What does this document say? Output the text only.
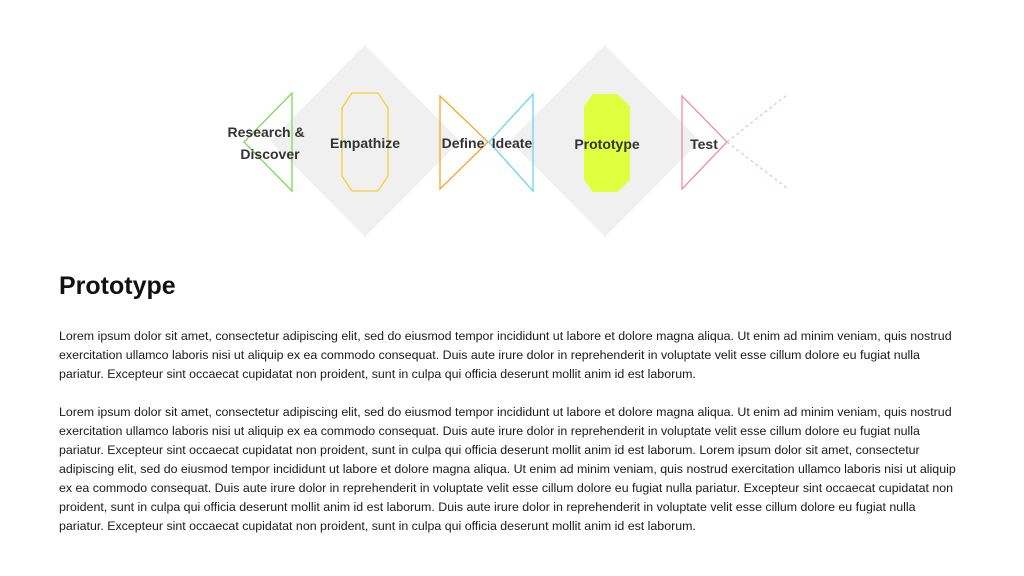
Research & Discover
Empathize	Define Ideate	Prototype	Test
Prototype

Lorem ipsum dolor sit amet, consectetur adipiscing elit, sed do eiusmod tempor incididunt ut labore et dolore magna aliqua. Ut enim ad minim veniam, quis nostrud exercitation ullamco laboris nisi ut aliquip ex ea commodo consequat. Duis aute irure dolor in reprehenderit in voluptate velit esse cillum dolore eu fugiat nulla pariatur. Excepteur sint occaecat cupidatat non proident, sunt in culpa qui officia deserunt mollit anim id est laborum.

Lorem ipsum dolor sit amet, consectetur adipiscing elit, sed do eiusmod tempor incididunt ut labore et dolore magna aliqua. Ut enim ad minim veniam, quis nostrud exercitation ullamco laboris nisi ut aliquip ex ea commodo consequat. Duis aute irure dolor in reprehenderit in voluptate velit esse cillum dolore eu fugiat nulla pariatur. Excepteur sint occaecat cupidatat non proident, sunt in culpa qui officia deserunt mollit anim id est laborum. Lorem ipsum dolor sit amet, consectetur adipiscing elit, sed do eiusmod tempor incididunt ut labore et dolore magna aliqua. Ut enim ad minim veniam, quis nostrud exercitation ullamco laboris nisi ut aliquip ex ea commodo consequat. Duis aute irure dolor in reprehenderit in voluptate velit esse cillum dolore eu fugiat nulla pariatur. Excepteur sint occaecat cupidatat non proident, sunt in culpa qui officia deserunt mollit anim id est laborum. Duis aute irure dolor in reprehenderit in voluptate velit esse cillum dolore eu fugiat nulla pariatur. Excepteur sint occaecat cupidatat non proident, sunt in culpa qui officia deserunt mollit anim id est laborum.
